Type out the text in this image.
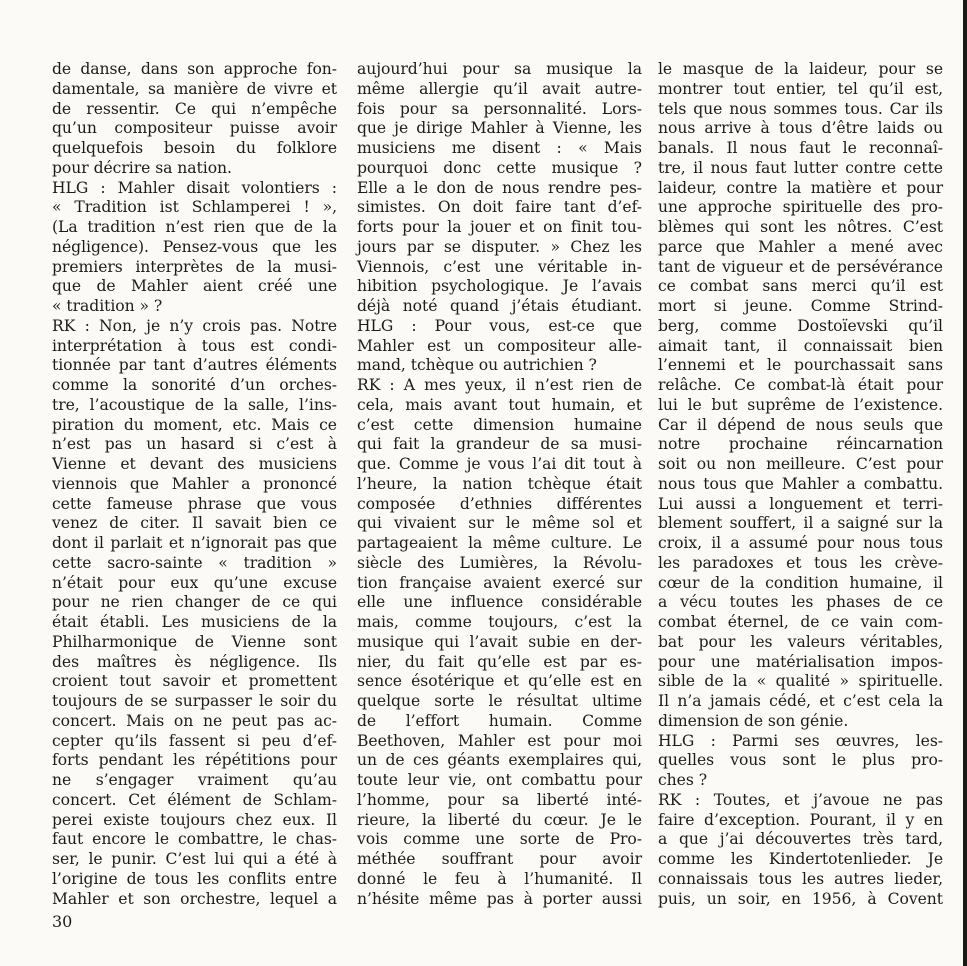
de danse, dans son approche fon-
damentale, sa manière de vivre et
de ressentir. Ce qui n’empêche
qu’un compositeur puisse avoir
quelquefois besoin du folklore
pour décrire sa nation.
HLG : Mahler disait volontiers :
« Tradition ist Schlamperei ! »,
(La tradition n’est rien que de la
négligence). Pensez-vous que les
premiers interprètes de la musi-
que de Mahler aient créé une
« tradition » ?
RK : Non, je n’y crois pas. Notre
interprétation à tous est condi-
tionnée par tant d’autres éléments
comme la sonorité d’un orches-
tre, l’acoustique de la salle, l’ins-
piration du moment, etc. Mais ce
n’est pas un hasard si c’est à
Vienne et devant des musiciens
viennois que Mahler a prononcé
cette fameuse phrase que vous
venez de citer. Il savait bien ce
dont il parlait et n’ignorait pas que
cette sacro-sainte « tradition »
n’était pour eux qu’une excuse
pour ne rien changer de ce qui
était établi. Les musiciens de la
Philharmonique de Vienne sont
des maîtres ès négligence. Ils
croient tout savoir et promettent
toujours de se surpasser le soir du
concert. Mais on ne peut pas ac-
cepter qu’ils fassent si peu d’ef-
forts pendant les répétitions pour
ne s’engager vraiment qu’au
concert. Cet élément de Schlam-
perei existe toujours chez eux. Il
faut encore le combattre, le chas-
ser, le punir. C’est lui qui a été à
l’origine de tous les conflits entre
Mahler et son orchestre, lequel a
aujourd’hui pour sa musique la
même allergie qu’il avait autre-
fois pour sa personnalité. Lors-
que je dirige Mahler à Vienne, les
musiciens me disent : « Mais
pourquoi donc cette musique ?
Elle a le don de nous rendre pes-
simistes. On doit faire tant d’ef-
forts pour la jouer et on finit tou-
jours par se disputer. » Chez les
Viennois, c’est une véritable in-
hibition psychologique. Je l’avais
déjà noté quand j’étais étudiant.
HLG : Pour vous, est-ce que
Mahler est un compositeur alle-
mand, tchèque ou autrichien ?
RK : A mes yeux, il n’est rien de
cela, mais avant tout humain, et
c’est cette dimension humaine
qui fait la grandeur de sa musi-
que. Comme je vous l’ai dit tout à
l’heure, la nation tchèque était
composée d’ethnies différentes
qui vivaient sur le même sol et
partageaient la même culture. Le
siècle des Lumières, la Révolu-
tion française avaient exercé sur
elle une influence considérable
mais, comme toujours, c’est la
musique qui l’avait subie en der-
nier, du fait qu’elle est par es-
sence ésotérique et qu’elle est en
quelque sorte le résultat ultime
de l’effort humain. Comme
Beethoven, Mahler est pour moi
un de ces géants exemplaires qui,
toute leur vie, ont combattu pour
l’homme, pour sa liberté inté-
rieure, la liberté du cœur. Je le
vois comme une sorte de Pro-
méthée souffrant pour avoir
donné le feu à l’humanité. Il
n’hésite même pas à porter aussi
le masque de la laideur, pour se
montrer tout entier, tel qu’il est,
tels que nous sommes tous. Car ils
nous arrive à tous d’être laids ou
banals. Il nous faut le reconnaî-
tre, il nous faut lutter contre cette
laideur, contre la matière et pour
une approche spirituelle des pro-
blèmes qui sont les nôtres. C’est
parce que Mahler a mené avec
tant de vigueur et de persévérance
ce combat sans merci qu’il est
mort si jeune. Comme Strind-
berg, comme Dostoïevski qu’il
aimait tant, il connaissait bien
l’ennemi et le pourchassait sans
relâche. Ce combat-là était pour
lui le but suprême de l’existence.
Car il dépend de nous seuls que
notre prochaine réincarnation
soit ou non meilleure. C’est pour
nous tous que Mahler a combattu.
Lui aussi a longuement et terri-
blement souffert, il a saigné sur la
croix, il a assumé pour nous tous
les paradoxes et tous les crève-
cœur de la condition humaine, il
a vécu toutes les phases de ce
combat éternel, de ce vain com-
bat pour les valeurs véritables,
pour une matérialisation impos-
sible de la « qualité » spirituelle.
Il n’a jamais cédé, et c’est cela la
dimension de son génie.
HLG : Parmi ses œuvres, les-
quelles vous sont le plus pro-
ches ?
RK : Toutes, et j’avoue ne pas
faire d’exception. Pourant, il y en
a que j’ai découvertes très tard,
comme les Kindertotenlieder. Je
connaissais tous les autres lieder,
puis, un soir, en 1956, à Covent
30
